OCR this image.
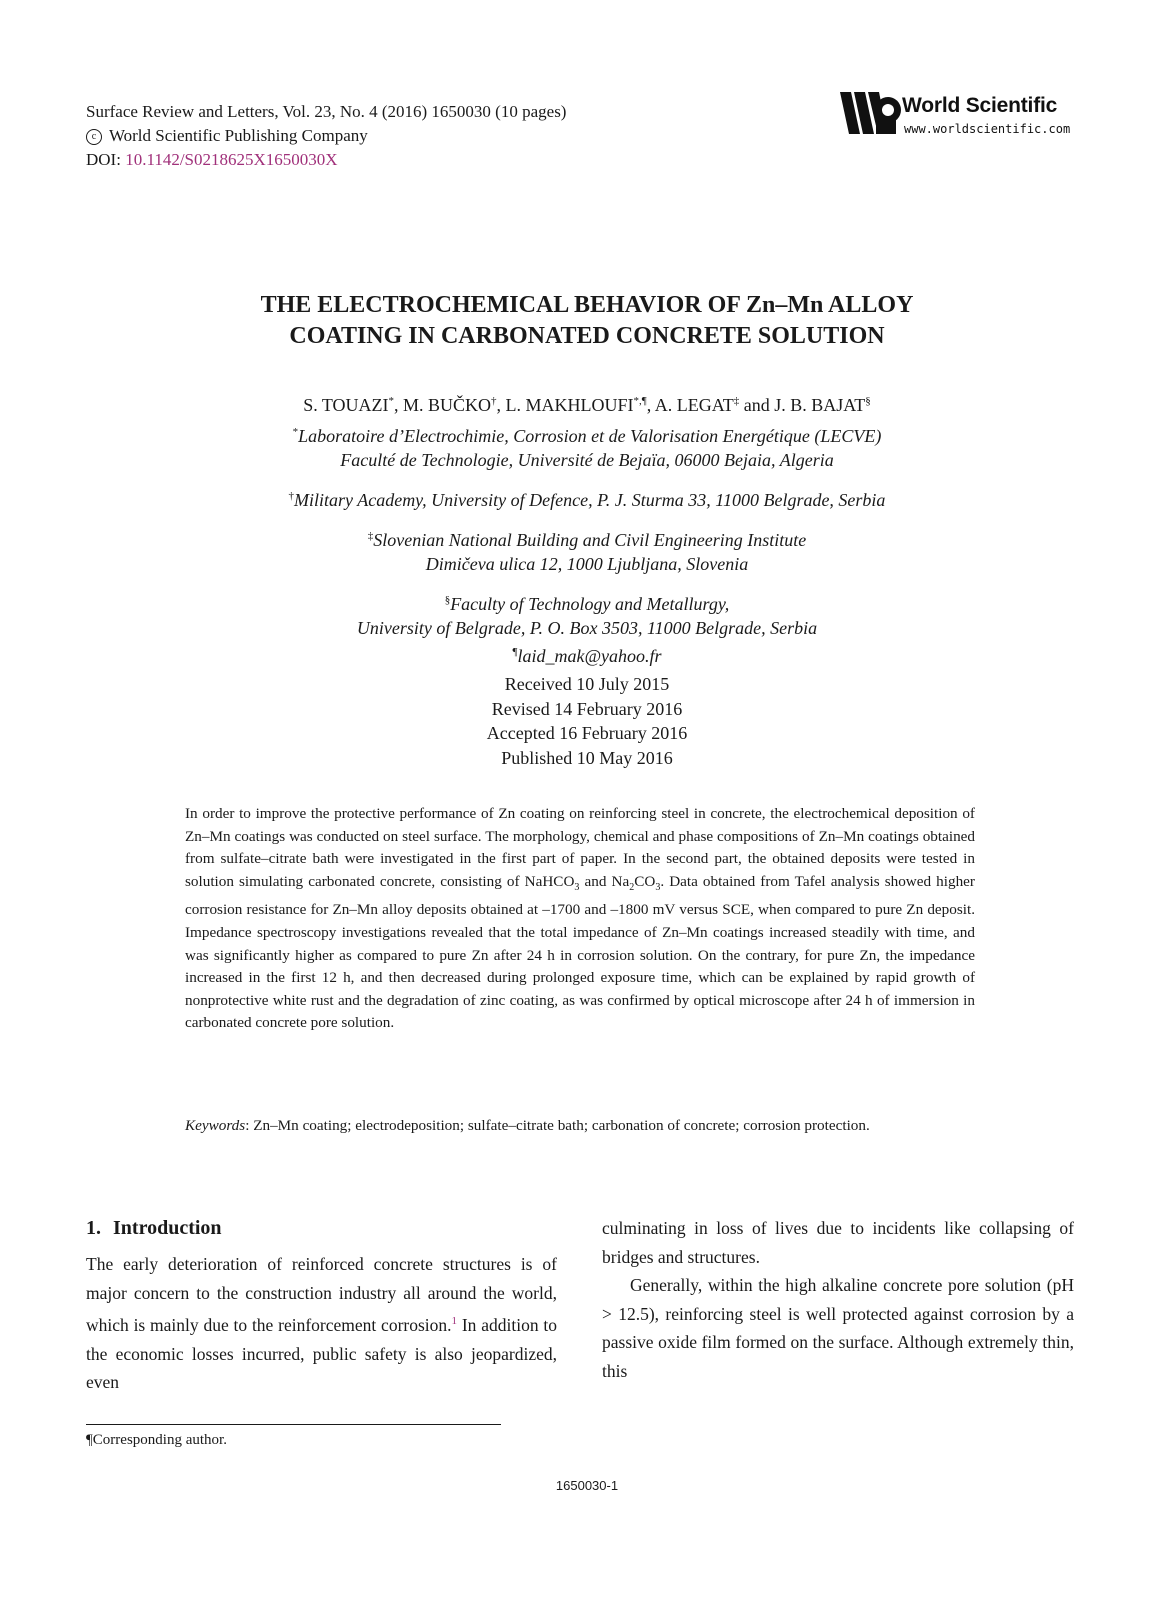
Surface Review and Letters, Vol. 23, No. 4 (2016) 1650030 (10 pages)
c World Scientific Publishing Company
DOI: 10.1142/S0218625X1650030X
World Scientific
www.worldscientific.com
THE ELECTROCHEMICAL BEHAVIOR OF Zn–Mn ALLOY
COATING IN CARBONATED CONCRETE SOLUTION
S. TOUAZI*, M. BUČKO†, L. MAKHLOUFI*,¶, A. LEGAT‡ and J. B. BAJAT§
*Laboratoire d’Electrochimie, Corrosion et de Valorisation Energétique (LECVE)
Faculté de Technologie, Université de Bejaïa, 06000 Bejaia, Algeria
†Military Academy, University of Defence, P. J. Sturma 33, 11000 Belgrade, Serbia
‡Slovenian National Building and Civil Engineering Institute
Dimičeva ulica 12, 1000 Ljubljana, Slovenia
§Faculty of Technology and Metallurgy,
University of Belgrade, P. O. Box 3503, 11000 Belgrade, Serbia
¶laid_mak@yahoo.fr
Received 10 July 2015
Revised 14 February 2016
Accepted 16 February 2016
Published 10 May 2016
In order to improve the protective performance of Zn coating on reinforcing steel in concrete, the electrochemical deposition of Zn–Mn coatings was conducted on steel surface. The morphology, chemical and phase compositions of Zn–Mn coatings obtained from sulfate–citrate bath were investigated in the first part of paper. In the second part, the obtained deposits were tested in solution simulating carbonated concrete, consisting of NaHCO$_3$ and $Na_2CO_3$. Data obtained from Tafel analysis showed higher corrosion resistance for Zn–Mn alloy deposits obtained at –1700 and –1800 mV versus SCE, when compared to pure Zn deposit. Impedance spectroscopy investigations revealed that the total impedance of Zn–Mn coatings increased steadily with time, and was significantly higher as compared to pure Zn after 24 h in corrosion solution. On the contrary, for pure Zn, the impedance increased in the first 12 h, and then decreased during prolonged exposure time, which can be explained by rapid growth of nonprotective white rust and the degradation of zinc coating, as was confirmed by optical microscope after 24 h of immersion in carbonated concrete pore solution.
Keywords: Zn–Mn coating; electrodeposition; sulfate–citrate bath; carbonation of concrete; corrosion protection.
1. Introduction

The early deterioration of reinforced concrete structures is of major concern to the construction industry all around the world, which is mainly due to the reinforcement corrosion.$^1$ In addition to the economic losses incurred, public safety is also jeopardized, even

culminating in loss of lives due to incidents like collapsing of bridges and structures.

Generally, within the high alkaline concrete pore solution (pH > 12.5), reinforcing steel is well protected against corrosion by a passive oxide film formed on the surface. Although extremely thin, this

¶Corresponding author.
1650030-1
